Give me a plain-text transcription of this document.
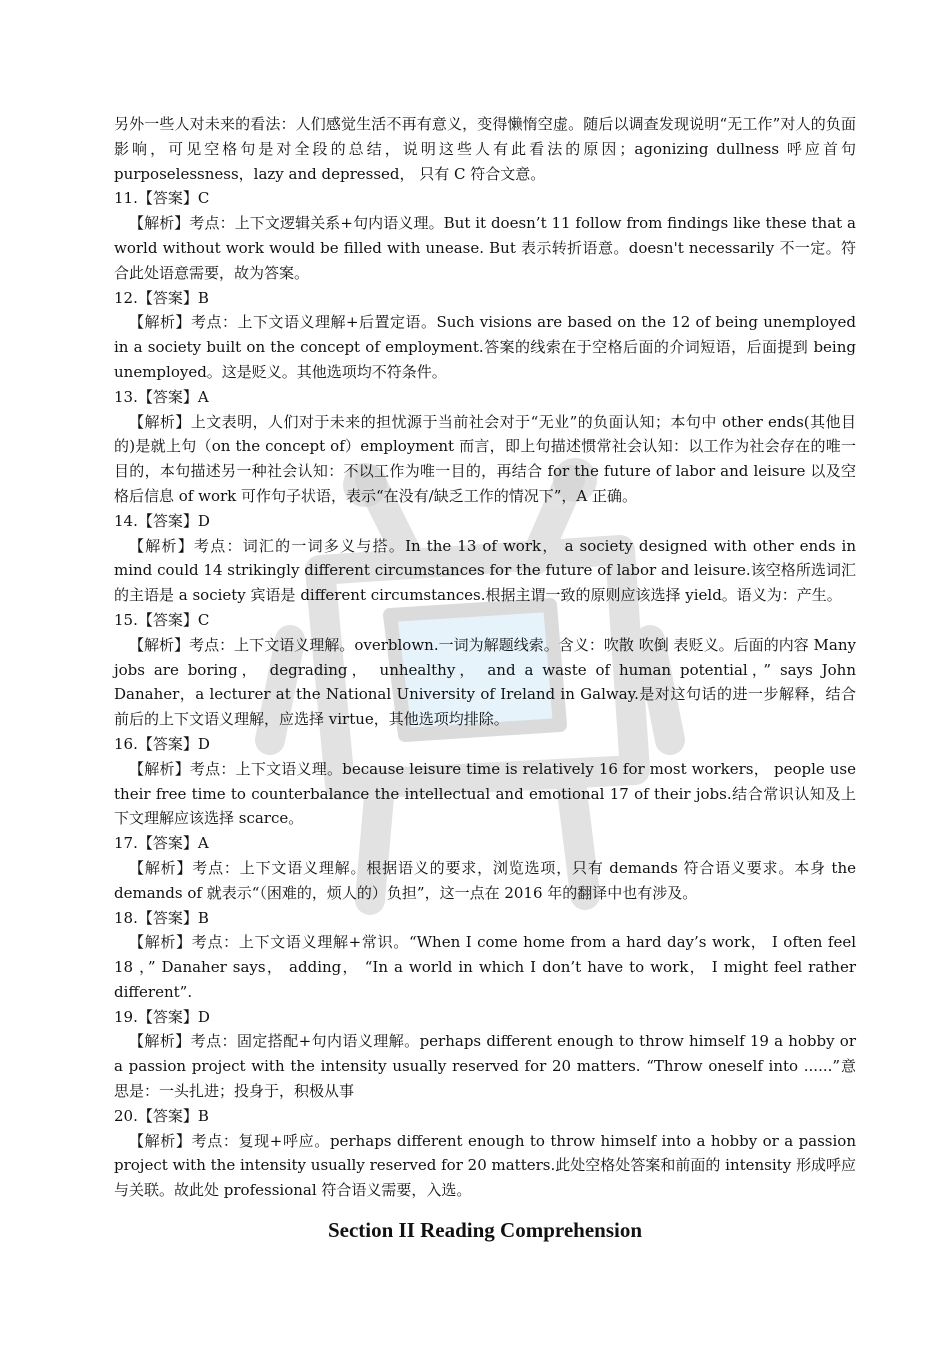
另外一些人对未来的看法：人们感觉生活不再有意义，变得懒惰空虚。随后以调查发现说明“无工作”对人的负面影响，可见空格句是对全段的总结，说明这些人有此看法的原因；agonizing dullness 呼应首句 purposelessness，lazy and depressed， 只有 C 符合文意。

11.【答案】C

【解析】考点：上下文逻辑关系+句内语义理。But it doesn’t 11 follow from findings like these that a world without work would be filled with unease. But 表示转折语意。doesn't necessarily 不一定。符合此处语意需要，故为答案。

12.【答案】B

【解析】考点：上下文语义理解+后置定语。Such visions are based on the 12 of being unemployed in a society built on the concept of employment.答案的线索在于空格后面的介词短语，后面提到 being unemployed。这是贬义。其他选项均不符条件。

13.【答案】A

【解析】上文表明，人们对于未来的担忧源于当前社会对于“无业”的负面认知；本句中 other ends(其他目的)是就上句（on the concept of）employment 而言，即上句描述惯常社会认知：以工作为社会存在的唯一目的，本句描述另一种社会认知：不以工作为唯一目的，再结合 for the future of labor and leisure 以及空格后信息 of work 可作句子状语，表示“在没有/缺乏工作的情况下”，A 正确。

14.【答案】D

【解析】考点：词汇的一词多义与搭。In the 13 of work， a society designed with other ends in mind could 14 strikingly different circumstances for the future of labor and leisure.该空格所选词汇的主语是 a society 宾语是 different circumstances.根据主谓一致的原则应该选择 yield。语义为：产生。

15.【答案】C

【解析】考点：上下文语义理解。overblown.一词为解题线索。含义：吹散 吹倒 表贬义。后面的内容 Many jobs are boring， degrading， unhealthy， and a waste of human potential，” says John Danaher，a lecturer at the National University of Ireland in Galway.是对这句话的进一步解释，结合前后的上下文语义理解，应选择 virtue，其他选项均排除。

16.【答案】D

【解析】考点：上下文语义理。because leisure time is relatively 16 for most workers， people use their free time to counterbalance the intellectual and emotional 17 of their jobs.结合常识认知及上下文理解应该选择 scarce。

17.【答案】A

【解析】考点：上下文语义理解。根据语义的要求，浏览选项，只有 demands 符合语义要求。本身 the demands of 就表示“（困难的，烦人的）负担”，这一点在 2016 年的翻译中也有涉及。

18.【答案】B

【解析】考点：上下文语义理解+常识。“When I come home from a hard day’s work， I often feel 18 ，” Danaher says， adding， “In a world in which I don’t have to work， I might feel rather different”.

19.【答案】D

【解析】考点：固定搭配+句内语义理解。perhaps different enough to throw himself 19 a hobby or a passion project with the intensity usually reserved for 20 matters. “Throw oneself into ......”意思是：一头扎进；投身于，积极从事

20.【答案】B

【解析】考点：复现+呼应。perhaps different enough to throw himself into a hobby or a passion project with the intensity usually reserved for 20 matters.此处空格处答案和前面的 intensity 形成呼应与关联。故此处 professional 符合语义需要，入选。

Section II Reading Comprehension
